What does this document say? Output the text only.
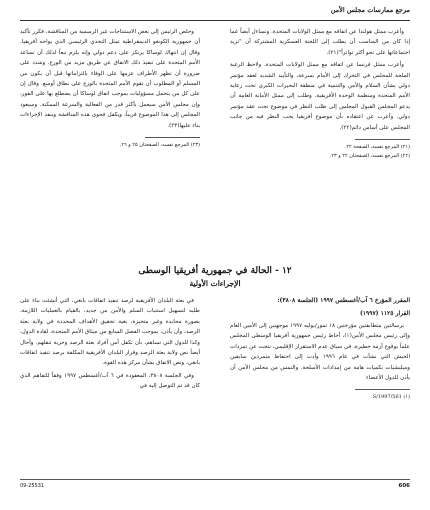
مرجع ممارسات مجلس الأمن

وأعرب ممثل هولندا عن اتفاقه مع ممثل الولايات المتحدة. وتساءل أيضاً عما إذا كان من المناسب أن يطلب إلى اللجنة العسكرية المشتركة أن "تزيد اجتماعاتها على نحو أكثر تواتراً"(٢١).

وأعرب ممثل فرنسا عن اتفاقه مع ممثل الولايات المتحدة. ولاحظ الرغبة الملحة للمجلس في التحرك إلى الأمام بسرعة، والتأييد الشديد لعقد مؤتمر دولي بشأن السلام والأمن والتنمية في منطقة البحيرات الكبرى تحت رعاية الأمم المتحدة ومنظمة الوحدة الأفريقية. وطلب إلى ممثل الأمانة العامة أن يدعو المجلس القبول المجلس إلى طلب النظر في موضوع تحت عقد مؤتمر دولي. وأعرب عن اعتقاده بأن موضوع أفريقيا يجب النظر فيه من جانب المجلس على أساس دائم(٢٢).

(٢١) المرجع نفسه، الصفحة ٢٢.
(٢٢) المرجع نفسه، الصفحتان ٢٢ و ٢٣.

وحلص الرئيس إلى بعض الاستنتاجات غير الرسمية من المناقشة، فكرر تأكيد أن جمهورية الكونغو الديمقراطية تمثل التحدي الرئيسي الذي يواجه أفريقيا. وقال إن انتهاك لوساكا يرتكز على دعم دولي وإنه يلزم تبعاً لذلك أن تساعد الأمم المتحدة على تنفيذ ذلك الاتفاق عن طريق مزيد من الوزع. وشدد على ضرورة أن تظهر الأطراف عزمها على الوفاء بالتزاماتها قبل أن يكون من المسلم أو المطلوب أن تقوم الأمم المتحدة بالوزع على نطاق أوسع. وقال إن على كل من يتحمل مسؤوليات بموجب اتفاق لوساكا أن يضطلع بها على الفور، وإن مجلس الأمن سيعمل بأكثر قدر من الفعالية والسرعة الممكنة. وسيعود المجلس إلى هذا الموضوع قريباً، ويكفل فحوى هذه المناقشة وينفذ الإجراءات بناء عليها(٢٣).

(٢٣) المرجع نفسه، الصفحتان ٢٥ و ٢٦.
١٢ - الحالة في جمهورية أفريقيا الوسطى
الإجراءات الأولية

المقرر المؤرخ ٦ آب/أغسطس ١٩٩٧ (الجلسة ٣٨٠٨):

القرار ١١٢٥ (١٩٩٧)

برسالتين متطابقتين مؤرختين ١٨ تموز/يوليه ١٩٩٧ موجهتين إلى الأمين العام وإلى رئيس مجلس الأمن(١)، أحاط رئيس جمهورية أفريقيا الوسطى المجلس علماً بوقوع أزمة خطيرة، في سياق عدم الاستقرار الإقليمي، نتجت عن تمردات الجيش التي نشأت في عام ١٩٩٦ وأدت إلى احتفاظ متمردين سابقين وميليشيات بكميات هامة من إمدادات الأسلحة. والتمس من مجلس الأمن أن يأذن للدول الأعضاء

(١) S/1997/561.

في بعثة البلدان الأفريقية لرصد تنفيذ اتفاقات بانغي، التي أنشئت بناء على طلبه لتسهيل استتباب السلم والأمن من جديد، بالقيام بالعمليات اللازمة، بصورة محايدة وغير متحيزة، بغية تحقيق الأهداف المحددة في ولاية بعثة الرصد، وأن يأذن، بموجب الفصل السابع من ميثاق الأمم المتحدة، لقادة الدول، وكذا للدول التي تساهم، بأن تكفل أمن أفراد بعثة الرصد وحرية تنقلهم. وأحال أيضاً نص ولاية بعثة الرصد وقرار البلدان الأفريقية المكلفة برصد تنفيذ اتفاقات بانغي، ونص الاتفاق بشأن مركز هذه القوة.

وفي الجلسة ٣٨٠٨، المعقودة في ٦ آب/أغسطس ١٩٩٧ وفقاً للتفاهم الذي كان قد تم التوصل إليه في

606
09-25531
